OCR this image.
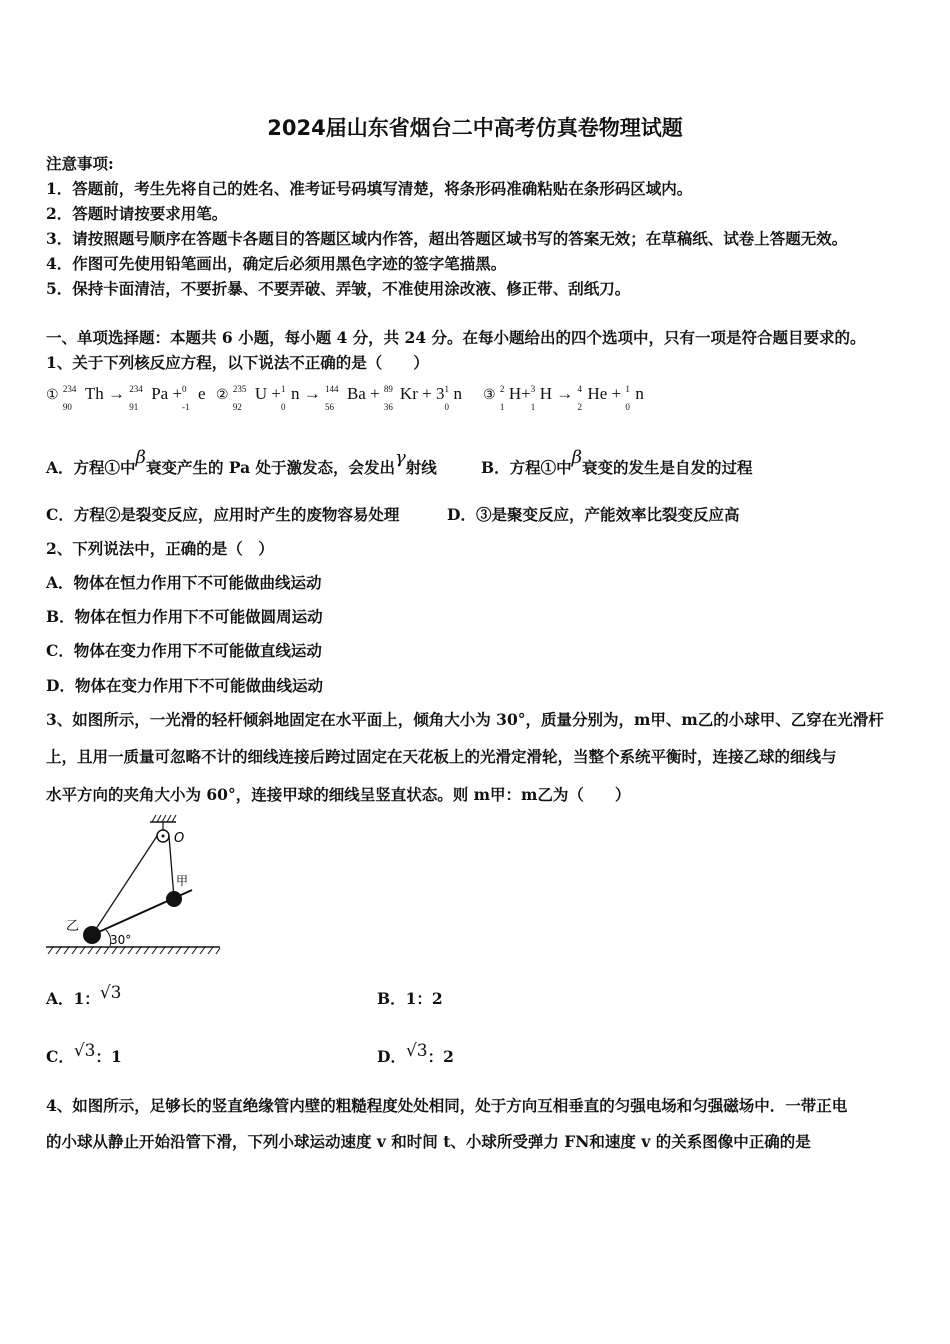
2024届山东省烟台二中高考仿真卷物理试题
注意事项:
1．答题前，考生先将自己的姓名、准考证号码填写清楚，将条形码准确粘贴在条形码区域内。
2．答题时请按要求用笔。
3．请按照题号顺序在答题卡各题目的答题区域内作答，超出答题区域书写的答案无效；在草稿纸、试卷上答题无效。
4．作图可先使用铅笔画出，确定后必须用黑色字迹的签字笔描黑。
5．保持卡面清洁，不要折暴、不要弄破、弄皱，不准使用涂改液、修正带、刮纸刀。
一、单项选择题：本题共 6 小题，每小题 4 分，共 24 分。在每小题给出的四个选项中，只有一项是符合题目要求的。
1、关于下列核反应方程，以下说法不正确的是（　　）
① 234
90
Th → 234
91
Pa + 0
-1
e ② 235
92
U + 1
0
n → 144
56
Ba + 89
36
Kr + 3 1
0
n ③ 2
1
H+ 3
1
H → 4
2
He + 1
0
n
A．方程①中β衰变产生的 Pa 处于激发态，会发出γ射线	B．方程①中β衰变的发生是自发的过程
C．方程②是裂变反应，应用时产生的废物容易处理	D．③是聚变反应，产能效率比裂变反应高
2、下列说法中，正确的是（　）
A．物体在恒力作用下不可能做曲线运动
B．物体在恒力作用下不可能做圆周运动
C．物体在变力作用下不可能做直线运动
D．物体在变力作用下不可能做曲线运动
3、如图所示，一光滑的轻杆倾斜地固定在水平面上，倾角大小为 30°，质量分别为，m甲、m乙的小球甲、乙穿在光滑杆
上，且用一质量可忽略不计的细线连接后跨过固定在天花板上的光滑定滑轮，当整个系统平衡时，连接乙球的细线与
水平方向的夹角大小为 60°，连接甲球的细线呈竖直状态。则 m甲：m乙为（　　）
O
甲
乙
30°
A．1：√3	B．1：2
C．√3：1	D．√3：2
4、如图所示，足够长的竖直绝缘管内壁的粗糙程度处处相同，处于方向互相垂直的匀强电场和匀强磁场中．一带正电
的小球从静止开始沿管下滑，下列小球运动速度 v 和时间 t、小球所受弹力 FN和速度 v 的关系图像中正确的是
